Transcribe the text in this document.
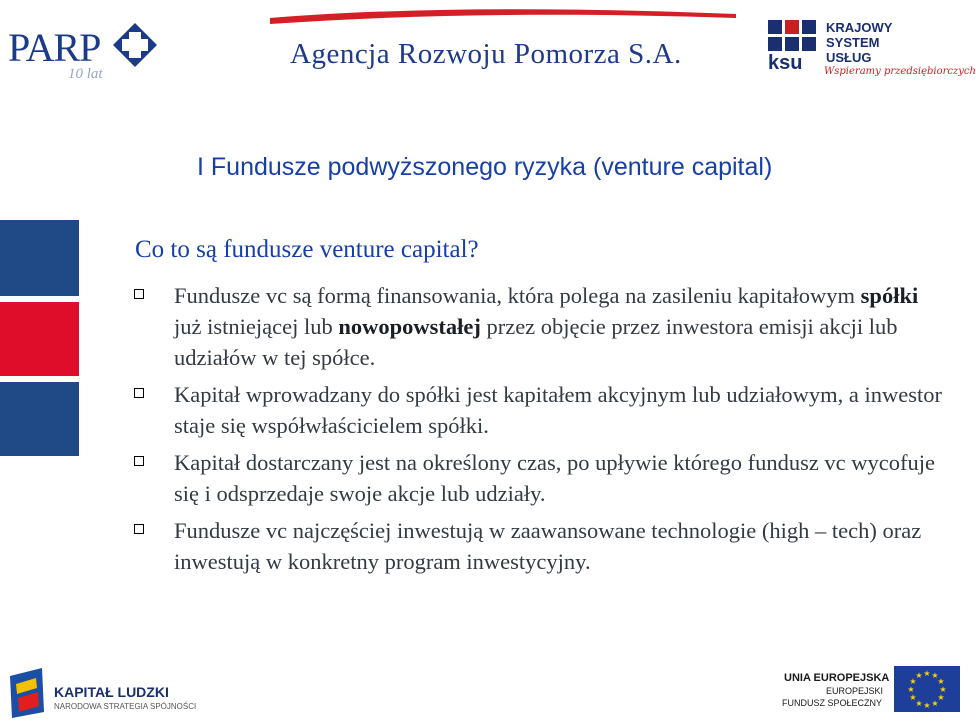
PARP
10 lat
Agencja Rozwoju Pomorza S.A.	ksu
KRAJOWY
SYSTEM
USŁUG
Wspieramy przedsiębiorczych
I Fundusze podwyższonego ryzyka (venture capital)
Co to są fundusze venture capital?
Fundusze vc są formą finansowania, która polega na zasileniu kapitałowym spółki już istniejącej lub nowopowstałej przez objęcie przez inwestora emisji akcji lub udziałów w tej spółce.
Kapitał wprowadzany do spółki jest kapitałem akcyjnym lub udziałowym, a inwestor staje się współwłaścicielem spółki.
Kapitał dostarczany jest na określony czas, po upływie którego fundusz vc wycofuje się i odsprzedaje swoje akcje lub udziały.
Fundusze vc najczęściej inwestują w zaawansowane technologie (high – tech) oraz inwestują w konkretny program inwestycyjny.
KAPITAŁ LUDZKI
NARODOWA STRATEGIA SPÓJNOŚCI
UNIA EUROPEJSKA
EUROPEJSKI
FUNDUSZ SPOŁECZNY
★ ★
★
★
★
★
★
★
★
★
★
★
